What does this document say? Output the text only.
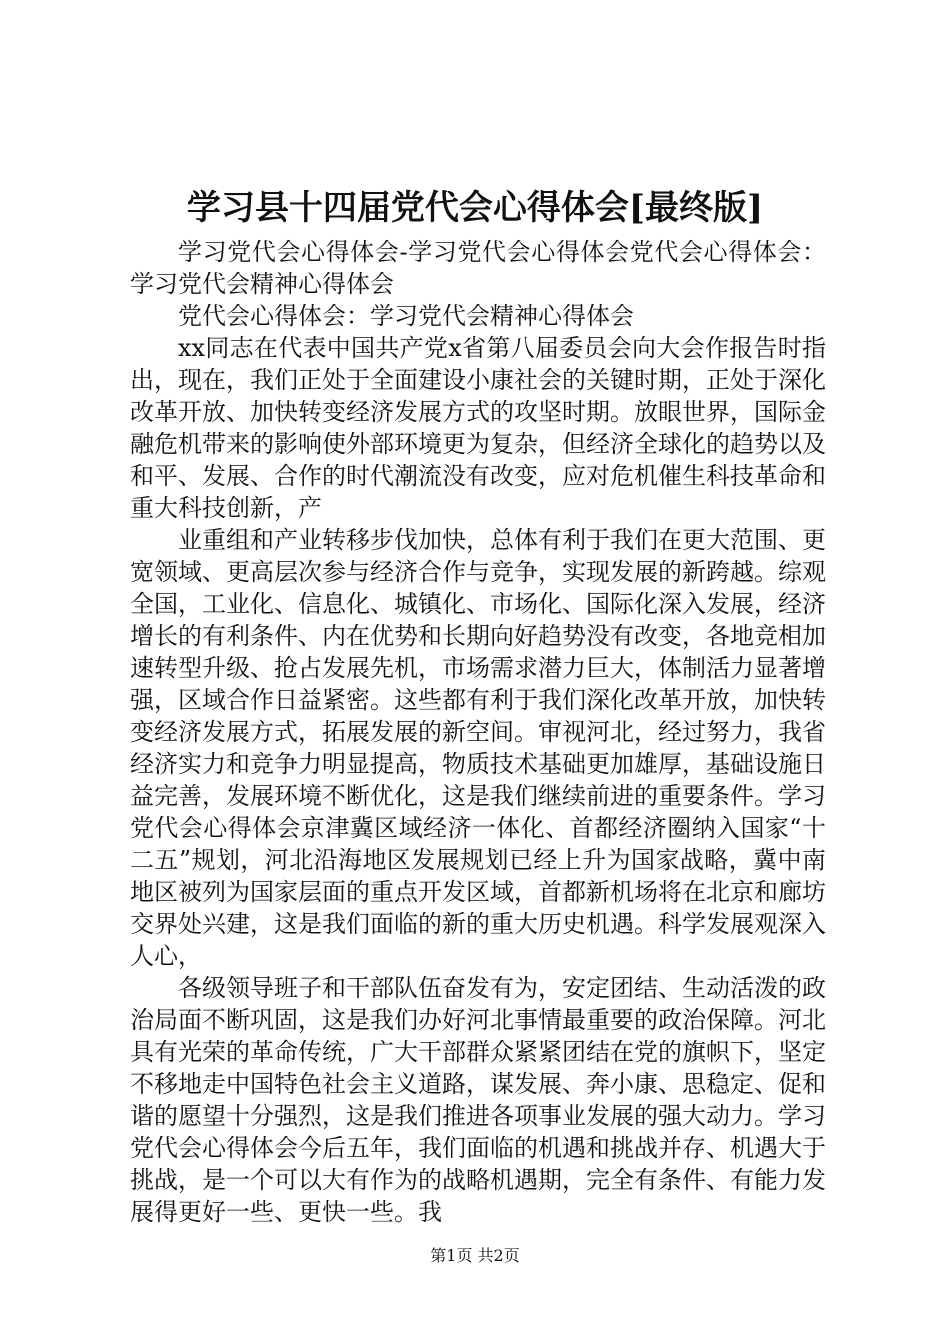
学习县十四届党代会心得体会[最终版]

学习党代会心得体会-学习党代会心得体会党代会心得体会：学习党代会精神心得体会

党代会心得体会：学习党代会精神心得体会

xx同志在代表中国共产党x省第八届委员会向大会作报告时指出，现在，我们正处于全面建设小康社会的关键时期，正处于深化改革开放、加快转变经济发展方式的攻坚时期。放眼世界，国际金融危机带来的影响使外部环境更为复杂，但经济全球化的趋势以及和平、发展、合作的时代潮流没有改变，应对危机催生科技革命和重大科技创新，产

业重组和产业转移步伐加快，总体有利于我们在更大范围、更宽领域、更高层次参与经济合作与竞争，实现发展的新跨越。综观全国，工业化、信息化、城镇化、市场化、国际化深入发展，经济增长的有利条件、内在优势和长期向好趋势没有改变，各地竞相加速转型升级、抢占发展先机，市场需求潜力巨大，体制活力显著增强，区域合作日益紧密。这些都有利于我们深化改革开放，加快转变经济发展方式，拓展发展的新空间。审视河北，经过努力，我省经济实力和竞争力明显提高，物质技术基础更加雄厚，基础设施日益完善，发展环境不断优化，这是我们继续前进的重要条件。学习党代会心得体会京津冀区域经济一体化、首都经济圈纳入国家“十二五”规划，河北沿海地区发展规划已经上升为国家战略，冀中南地区被列为国家层面的重点开发区域，首都新机场将在北京和廊坊交界处兴建，这是我们面临的新的重大历史机遇。科学发展观深入人心，

各级领导班子和干部队伍奋发有为，安定团结、生动活泼的政治局面不断巩固，这是我们办好河北事情最重要的政治保障。河北具有光荣的革命传统，广大干部群众紧紧团结在党的旗帜下，坚定不移地走中国特色社会主义道路，谋发展、奔小康、思稳定、促和谐的愿望十分强烈，这是我们推进各项事业发展的强大动力。学习党代会心得体会今后五年，我们面临的机遇和挑战并存、机遇大于挑战，是一个可以大有作为的战略机遇期，完全有条件、有能力发展得更好一些、更快一些。我

第1页 共2页
